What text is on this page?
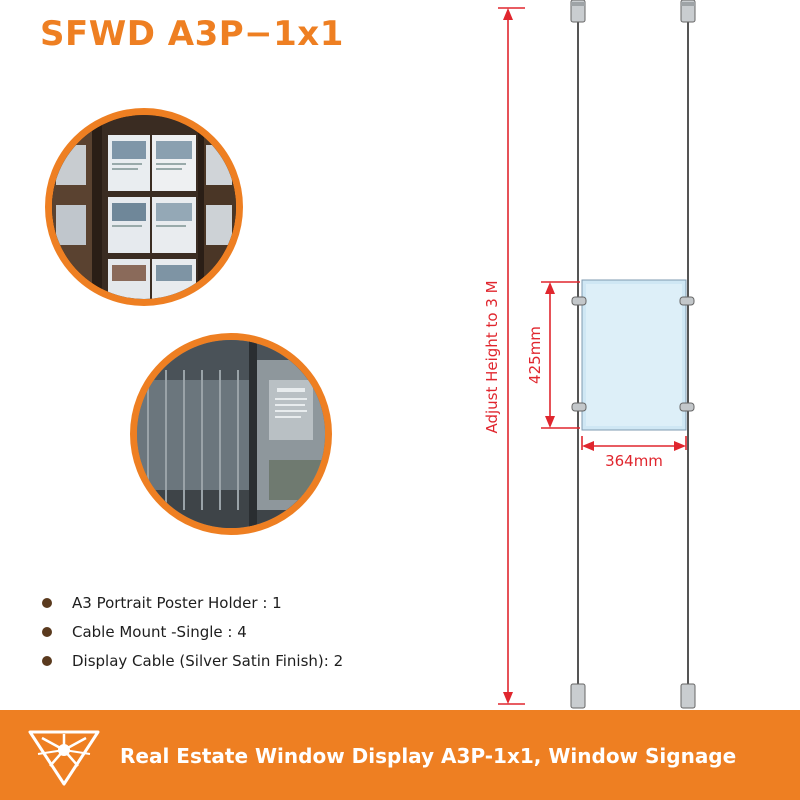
SFWD A3P−1x1
A3 Portrait Poster Holder : 1
Cable Mount -Single : 4
Display Cable (Silver Satin Finish): 2
Adjust Height to 3 M 425mm
364mm
Real Estate Window Display A3P-1x1, Window Signage
